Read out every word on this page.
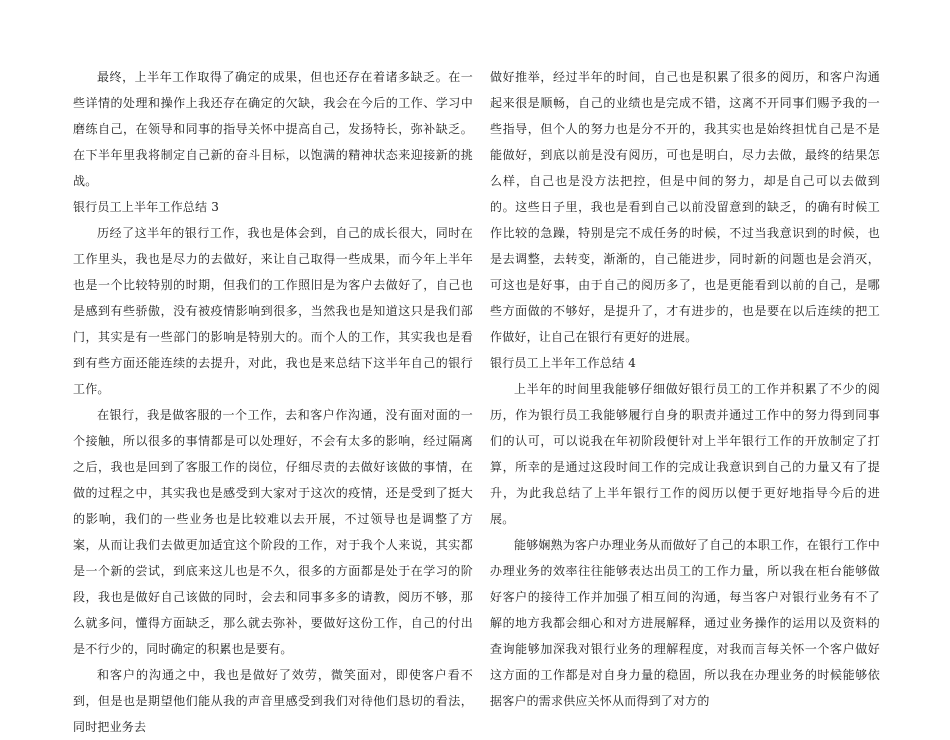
最终，上半年工作取得了确定的成果，但也还存在着诸多缺乏。在一些详情的处理和操作上我还存在确定的欠缺，我会在今后的工作、学习中磨练自己，在领导和同事的指导关怀中提高自己，发扬特长，弥补缺乏。在下半年里我将制定自己新的奋斗目标，以饱满的精神状态来迎接新的挑战。

银行员工上半年工作总结 3

历经了这半年的银行工作，我也是体会到，自己的成长很大，同时在工作里头，我也是尽力的去做好，来让自己取得一些成果，而今年上半年也是一个比较特别的时期，但我们的工作照旧是为客户去做好了，自己也是感到有些骄傲，没有被疫情影响到很多，当然我也是知道这只是我们部门，其实是有一些部门的影响是特别大的。而个人的工作，其实我也是看到有些方面还能连续的去提升，对此，我也是来总结下这半年自己的银行工作。

在银行，我是做客服的一个工作，去和客户作沟通，没有面对面的一个接触，所以很多的事情都是可以处理好，不会有太多的影响，经过隔离之后，我也是回到了客服工作的岗位，仔细尽责的去做好该做的事情，在做的过程之中，其实我也是感受到大家对于这次的疫情，还是受到了挺大的影响，我们的一些业务也是比较难以去开展，不过领导也是调整了方案，从而让我们去做更加适宜这个阶段的工作，对于我个人来说，其实都是一个新的尝试，到底来这儿也是不久，很多的方面都是处于在学习的阶段，我也是做好自己该做的同时，会去和同事多多的请教，阅历不够，那么就多问，懂得方面缺乏，那么就去弥补，要做好这份工作，自己的付出是不行少的，同时确定的积累也是要有。

和客户的沟通之中，我也是做好了效劳，微笑面对，即使客户看不到，但是也是期望他们能从我的声音里感受到我们对待他们恳切的看法，同时把业务去

做好推举，经过半年的时间，自己也是积累了很多的阅历，和客户沟通起来很是顺畅，自己的业绩也是完成不错，这离不开同事们赐予我的一些指导，但个人的努力也是分不开的，我其实也是始终担忧自己是不是能做好，到底以前是没有阅历，可也是明白，尽力去做，最终的结果怎么样，自己也是没方法把控，但是中间的努力，却是自己可以去做到的。这些日子里，我也是看到自己以前没留意到的缺乏，的确有时候工作比较的急躁，特别是完不成任务的时候，不过当我意识到的时候，也是去调整，去转变，渐渐的，自己能进步，同时新的问题也是会消灭，可这也是好事，由于自己的阅历多了，也是更能看到以前的自己，是哪些方面做的不够好，是提升了，才有进步的，也是要在以后连续的把工作做好，让自己在银行有更好的进展。

银行员工上半年工作总结 4

上半年的时间里我能够仔细做好银行员工的工作并积累了不少的阅历，作为银行员工我能够履行自身的职责并通过工作中的努力得到同事们的认可，可以说我在年初阶段便针对上半年银行工作的开放制定了打算，所幸的是通过这段时间工作的完成让我意识到自己的力量又有了提升，为此我总结了上半年银行工作的阅历以便于更好地指导今后的进展。

能够娴熟为客户办理业务从而做好了自己的本职工作，在银行工作中办理业务的效率往往能够表达出员工的工作力量，所以我在柜台能够做好客户的接待工作并加强了相互间的沟通，每当客户对银行业务有不了解的地方我都会细心和对方进展解释，通过业务操作的运用以及资料的查询能够加深我对银行业务的理解程度，对我而言每关怀一个客户做好这方面的工作都是对自身力量的稳固，所以我在办理业务的时候能够依据客户的需求供应关怀从而得到了对方的
